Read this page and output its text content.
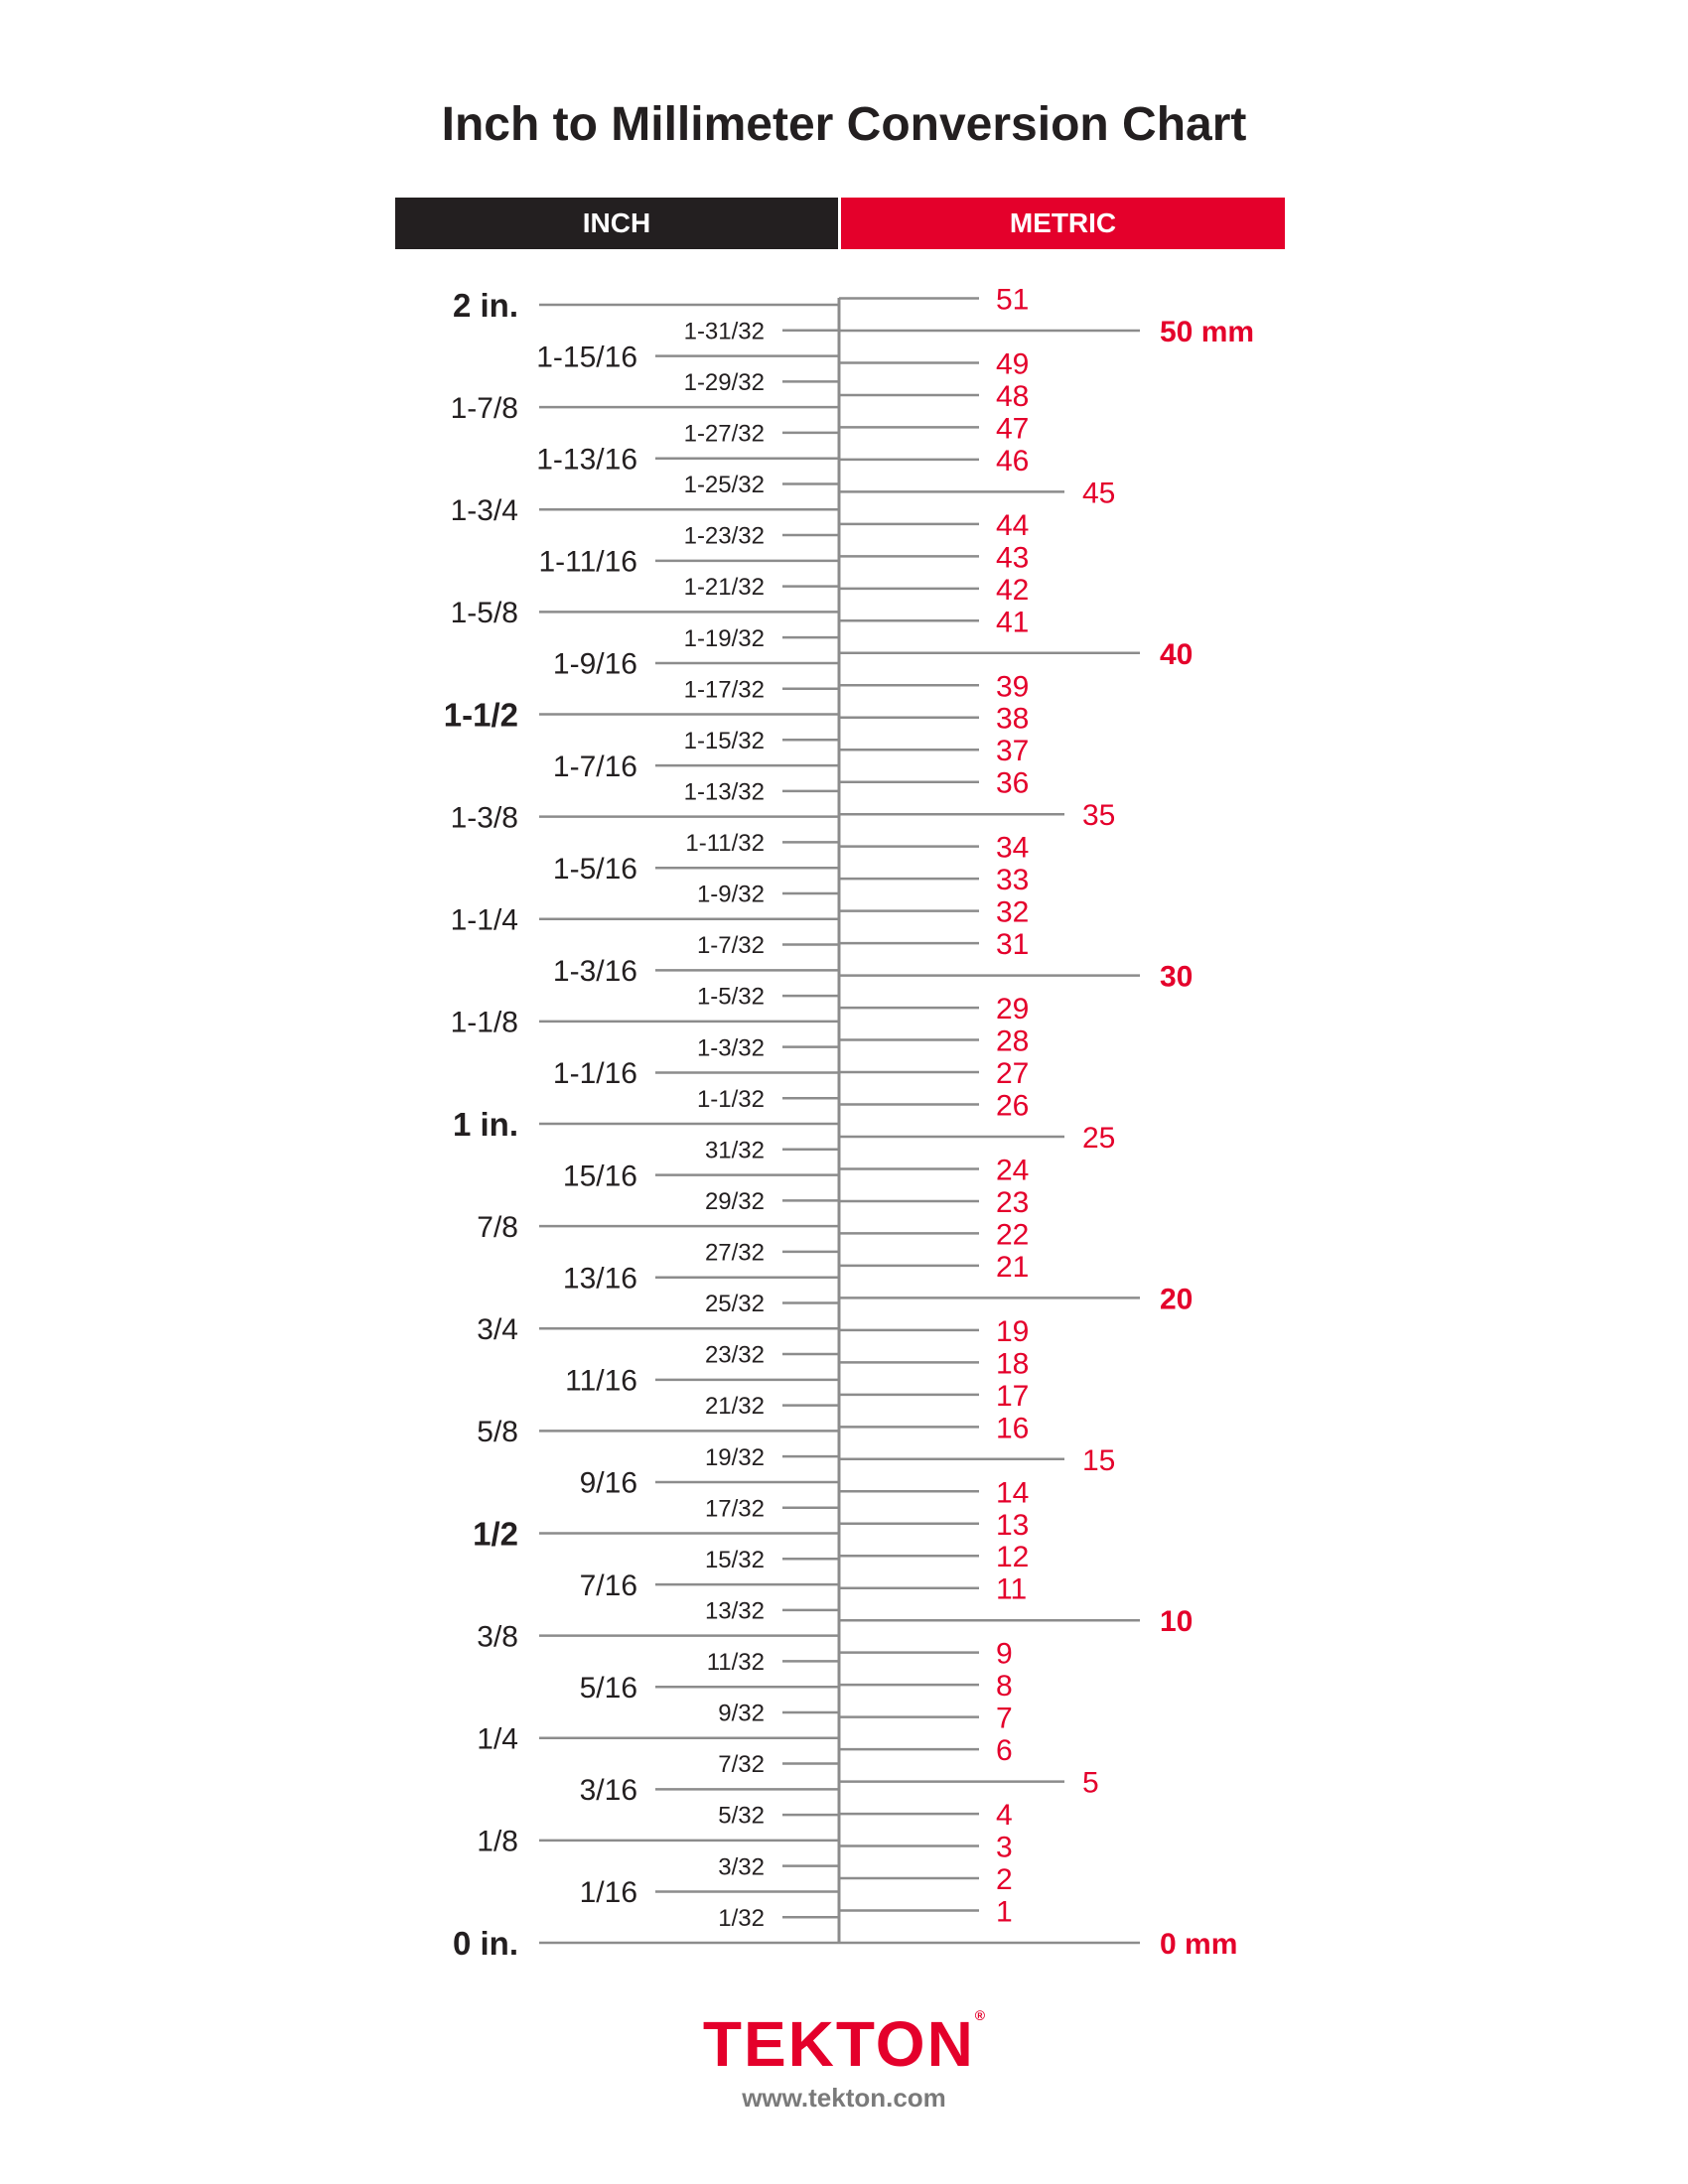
Inch to Millimeter Conversion Chart
INCH	METRIC
2 in.
1-31/32
1-15/16
1-29/32
1-7/8
1-27/32
1-13/16
1-25/32
1-3/4
1-23/32
1-11/16
1-21/32
1-5/8
1-19/32
1-9/16
1-17/32
1-1/2
1-15/32
1-7/16
1-13/32
1-3/8
1-11/32
1-5/16
1-9/32
1-1/4
1-7/32
1-3/16
1-5/32
1-1/8
1-3/32
1-1/16
1-1/32
1 in.
31/32
15/16
29/32
7/8
27/32
13/16
25/32
3/4
23/32
11/16
21/32
5/8
19/32
9/16
17/32
1/2
15/32
7/16
13/32
3/8
11/32
5/16
9/32
1/4
7/32
3/16
5/32
1/8
3/32
1/16
1/32
0 in.
51
50 mm
49
48
47
46
45
44
43
42
41
40
39
38
37
36
35
34
33
32
31
30
29
28
27
26
25
24
23
22
21
20
19
18
17
16
15
14
13
12
11
10
9
8
7
6
5
4
3
2
1
0 mm
TEKTON®
www.tekton.com
